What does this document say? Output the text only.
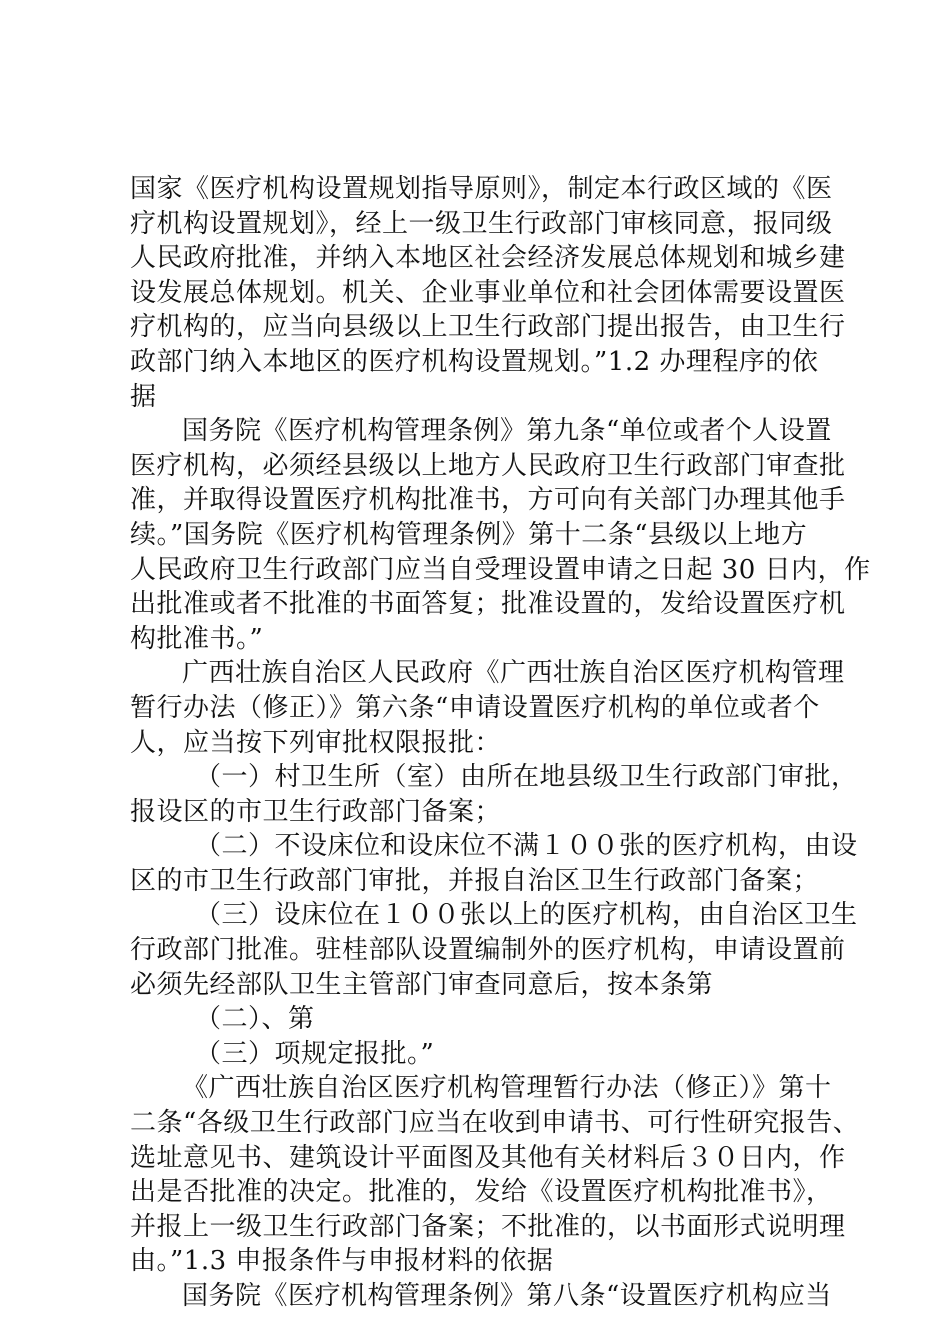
国家《医疗机构设置规划指导原则》，制定本行政区域的《医
疗机构设置规划》，经上一级卫生行政部门审核同意，报同级
人民政府批准，并纳入本地区社会经济发展总体规划和城乡建
设发展总体规划。机关、企业事业单位和社会团体需要设置医
疗机构的，应当向县级以上卫生行政部门提出报告，由卫生行
政部门纳入本地区的医疗机构设置规划。”1.2 办理程序的依
据
国务院《医疗机构管理条例》第九条“单位或者个人设置
医疗机构，必须经县级以上地方人民政府卫生行政部门审查批
准，并取得设置医疗机构批准书，方可向有关部门办理其他手
续。”国务院《医疗机构管理条例》第十二条“县级以上地方
人民政府卫生行政部门应当自受理设置申请之日起 30 日内，作
出批准或者不批准的书面答复；批准设置的，发给设置医疗机
构批准书。”
广西壮族自治区人民政府《广西壮族自治区医疗机构管理
暂行办法（修正）》第六条“申请设置医疗机构的单位或者个
人，应当按下列审批权限报批：
（一）村卫生所（室）由所在地县级卫生行政部门审批，
报设区的市卫生行政部门备案；
（二）不设床位和设床位不满１００张的医疗机构，由设
区的市卫生行政部门审批，并报自治区卫生行政部门备案；
（三）设床位在１００张以上的医疗机构，由自治区卫生
行政部门批准。驻桂部队设置编制外的医疗机构，申请设置前
必须先经部队卫生主管部门审查同意后，按本条第
（二）、第
（三）项规定报批。”
《广西壮族自治区医疗机构管理暂行办法（修正）》第十
二条“各级卫生行政部门应当在收到申请书、可行性研究报告、
选址意见书、建筑设计平面图及其他有关材料后３０日内，作
出是否批准的决定。批准的，发给《设置医疗机构批准书》，
并报上一级卫生行政部门备案；不批准的，以书面形式说明理
由。”1.3 申报条件与申报材料的依据
国务院《医疗机构管理条例》第八条“设置医疗机构应当
